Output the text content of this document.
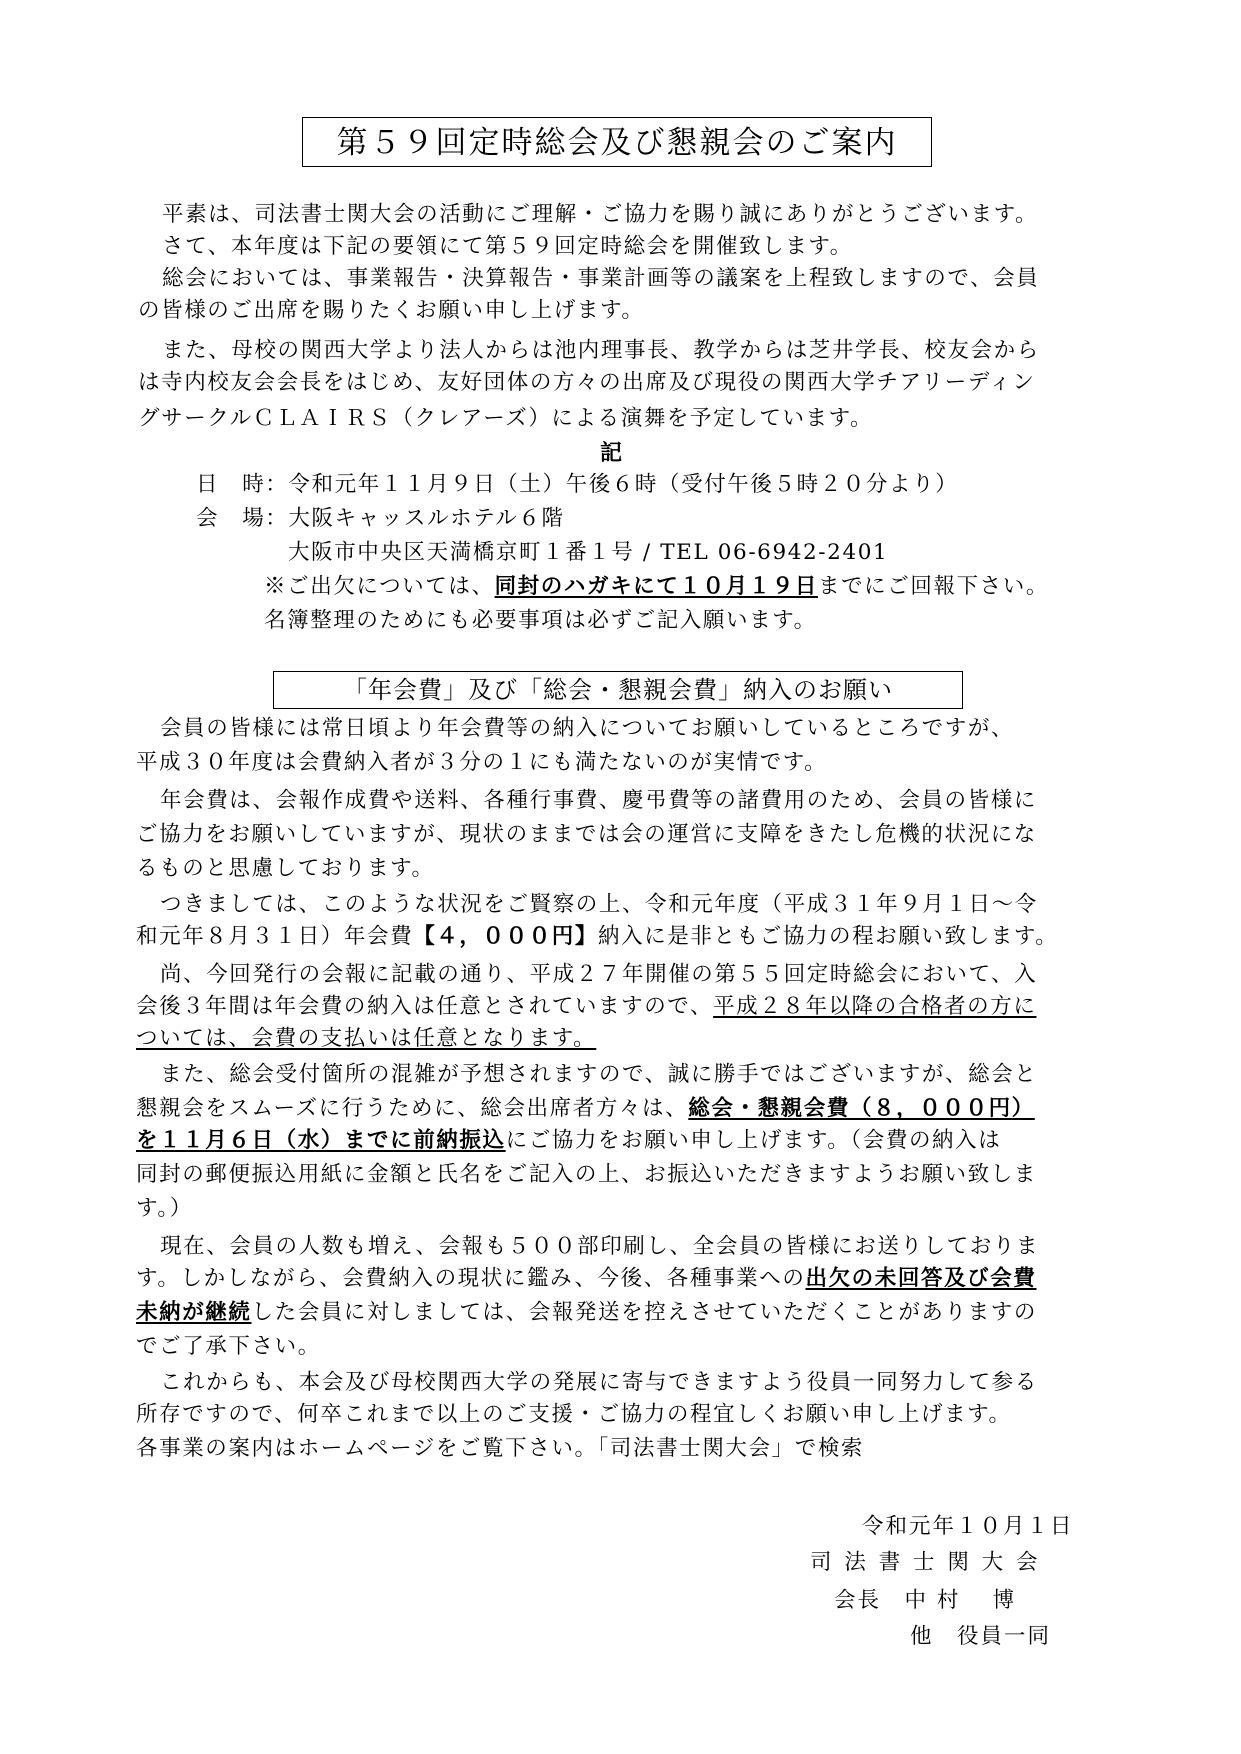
第５９回定時総会及び懇親会のご案内
平素は、司法書士関大会の活動にご理解・ご協力を賜り誠にありがとうございます。
さて、本年度は下記の要領にて第５９回定時総会を開催致します。
総会においては、事業報告・決算報告・事業計画等の議案を上程致しますので、会員
の皆様のご出席を賜りたくお願い申し上げます。
また、母校の関西大学より法人からは池内理事長、教学からは芝井学長、校友会から
は寺内校友会会長をはじめ、友好団体の方々の出席及び現役の関西大学チアリーディン
グサークルＣＬＡＩＲＳ（クレアーズ）による演舞を予定しています。
記
日　時：令和元年１１月９日（土）午後６時（受付午後５時２０分より）
会　場：大阪キャッスルホテル６階
大阪市中央区天満橋京町１番１号 / TEL 06-6942-2401
※ご出欠については、同封のハガキにて１０月１９日までにご回報下さい。
名簿整理のためにも必要事項は必ずご記入願います。
「年会費」及び「総会・懇親会費」納入のお願い
会員の皆様には常日頃より年会費等の納入についてお願いしているところですが、
平成３０年度は会費納入者が３分の１にも満たないのが実情です。
年会費は、会報作成費や送料、各種行事費、慶弔費等の諸費用のため、会員の皆様に
ご協力をお願いしていますが、現状のままでは会の運営に支障をきたし危機的状況にな
るものと思慮しております。
つきましては、このような状況をご賢察の上、令和元年度（平成３１年９月１日～令
和元年８月３１日）年会費【４，０００円】納入に是非ともご協力の程お願い致します。
尚、今回発行の会報に記載の通り、平成２７年開催の第５５回定時総会において、入
会後３年間は年会費の納入は任意とされていますので、平成２８年以降の合格者の方に
ついては、会費の支払いは任意となります。
また、総会受付箇所の混雑が予想されますので、誠に勝手ではございますが、総会と
懇親会をスムーズに行うために、総会出席者方々は、総会・懇親会費（８，０００円）
を１１月６日（水）までに前納振込にご協力をお願い申し上げます。（会費の納入は
同封の郵便振込用紙に金額と氏名をご記入の上、お振込いただきますようお願い致しま
す。）
現在、会員の人数も増え、会報も５００部印刷し、全会員の皆様にお送りしておりま
す。しかしながら、会費納入の現状に鑑み、今後、各種事業への出欠の未回答及び会費
未納が継続した会員に対しましては、会報発送を控えさせていただくことがありますの
でご了承下さい。
これからも、本会及び母校関西大学の発展に寄与できますよう役員一同努力して参る
所存ですので、何卒これまで以上のご支援・ご協力の程宜しくお願い申し上げます。
各事業の案内はホームページをご覧下さい。「司法書士関大会」で検索
令和元年１０月１日
司 法 書 士 関 大 会
会長　中 村　 博
他　役員一同
